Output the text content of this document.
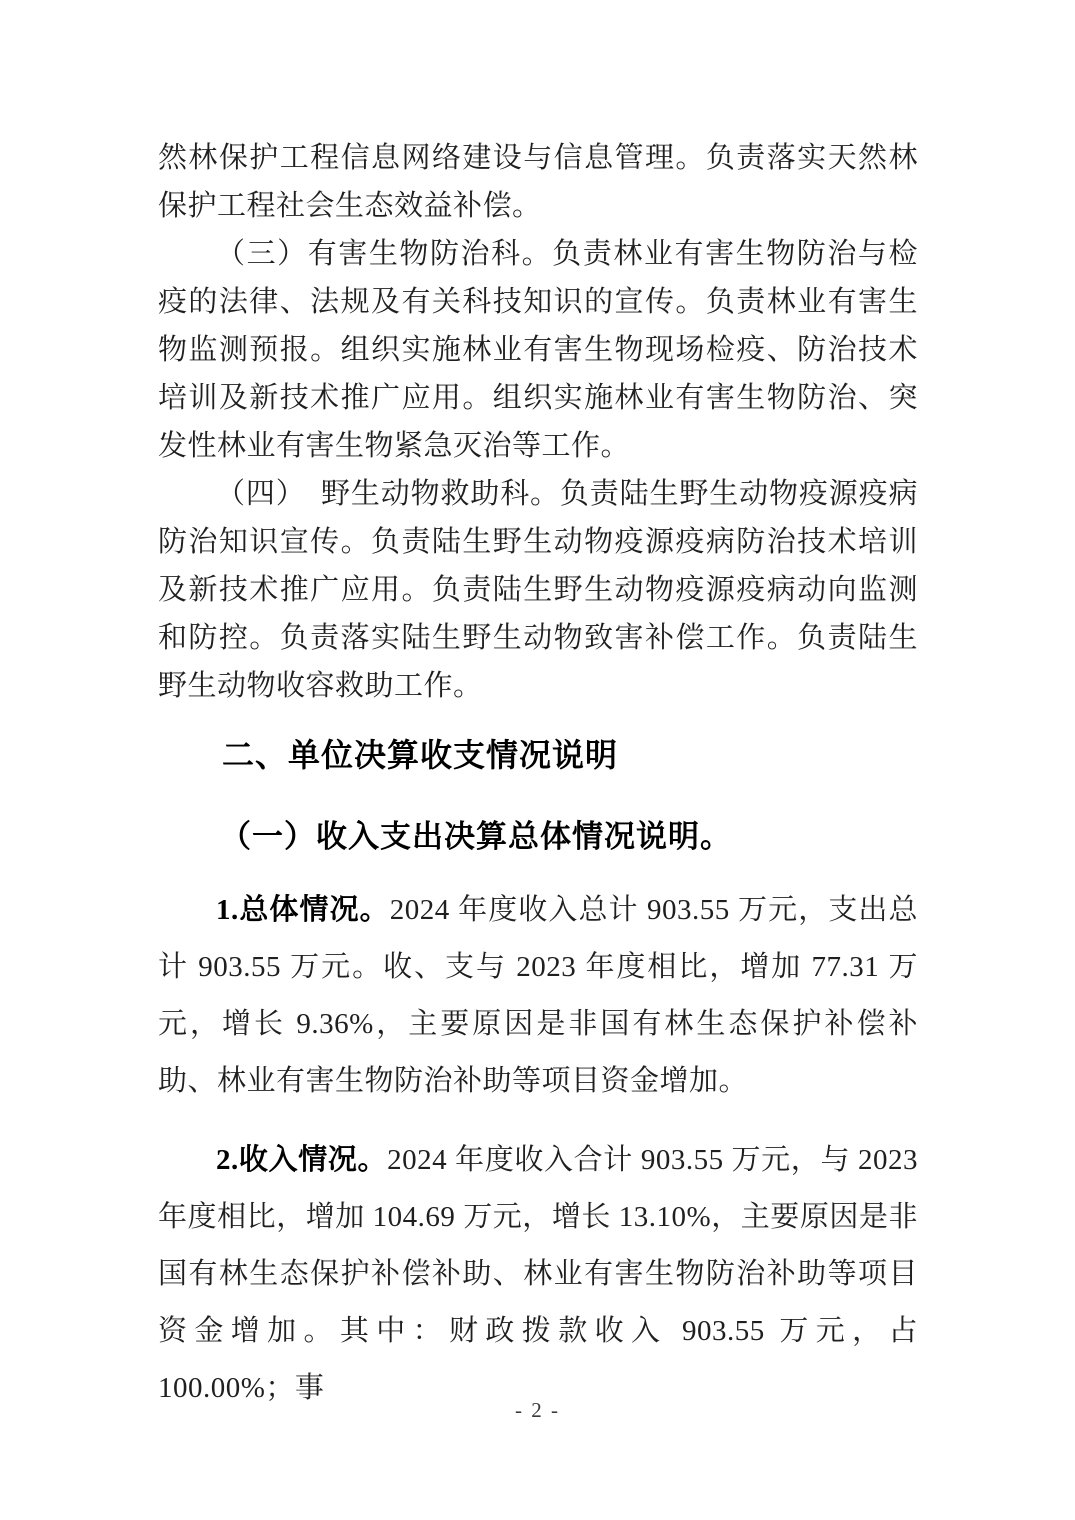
然林保护工程信息网络建设与信息管理。负责落实天然林保护工程社会生态效益补偿。

（三）有害生物防治科。负责林业有害生物防治与检疫的法律、法规及有关科技知识的宣传。负责林业有害生物监测预报。组织实施林业有害生物现场检疫、防治技术培训及新技术推广应用。组织实施林业有害生物防治、突发性林业有害生物紧急灭治等工作。

（四）　野生动物救助科。负责陆生野生动物疫源疫病防治知识宣传。负责陆生野生动物疫源疫病防治技术培训及新技术推广应用。负责陆生野生动物疫源疫病动向监测和防控。负责落实陆生野生动物致害补偿工作。负责陆生野生动物收容救助工作。

二、单位决算收支情况说明
（一）收入支出决算总体情况说明。

1.总体情况。2024 年度收入总计 903.55 万元，支出总计 903.55 万元。收、支与 2023 年度相比，增加 77.31 万元，增长 9.36%，主要原因是非国有林生态保护补偿补助、林业有害生物防治补助等项目资金增加。

2.收入情况。2024 年度收入合计 903.55 万元，与 2023 年度相比，增加 104.69 万元，增长 13.10%，主要原因是非国有林生态保护补偿补助、林业有害生物防治补助等项目资金增加。其中：财政拨款收入 903.55 万元，占 100.00%；事

- 2 -
